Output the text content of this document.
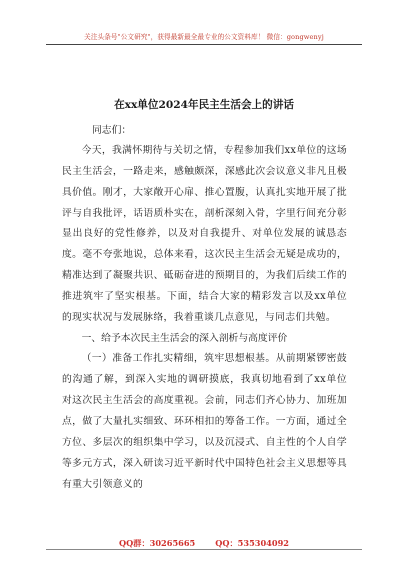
关注头条号"公文研究"，获得最新最全最专业的公文资料库！ 微信：gongwenyj
在xx单位2024年民主生活会上的讲话

同志们：

今天，我满怀期待与关切之情，专程参加我们xx单位的这场民主生活会，一路走来，感触颇深，深感此次会议意义非凡且极具价值。刚才，大家敞开心扉、推心置腹，认真扎实地开展了批评与自我批评，话语质朴实在，剖析深刻入骨，字里行间充分彰显出良好的党性修养，以及对自我提升、对单位发展的诚恳态度。毫不夸张地说，总体来看，这次民主生活会无疑是成功的，精准达到了凝聚共识、砥砺奋进的预期目的，为我们后续工作的推进筑牢了坚实根基。下面，结合大家的精彩发言以及xx单位的现实状况与发展脉络，我着重谈几点意见，与同志们共勉。

一、给予本次民主生活会的深入剖析与高度评价

（一）准备工作扎实精细，筑牢思想根基。从前期紧锣密鼓的沟通了解，到深入实地的调研摸底，我真切地看到了xx单位对这次民主生活会的高度重视。会前，同志们齐心协力、加班加点，做了大量扎实细致、环环相扣的筹备工作。一方面，通过全方位、多层次的组织集中学习，以及沉浸式、自主性的个人自学等多元方式，深入研读习近平新时代中国特色社会主义思想等具有重大引领意义的

QQ群：30265665 QQ：535304092
